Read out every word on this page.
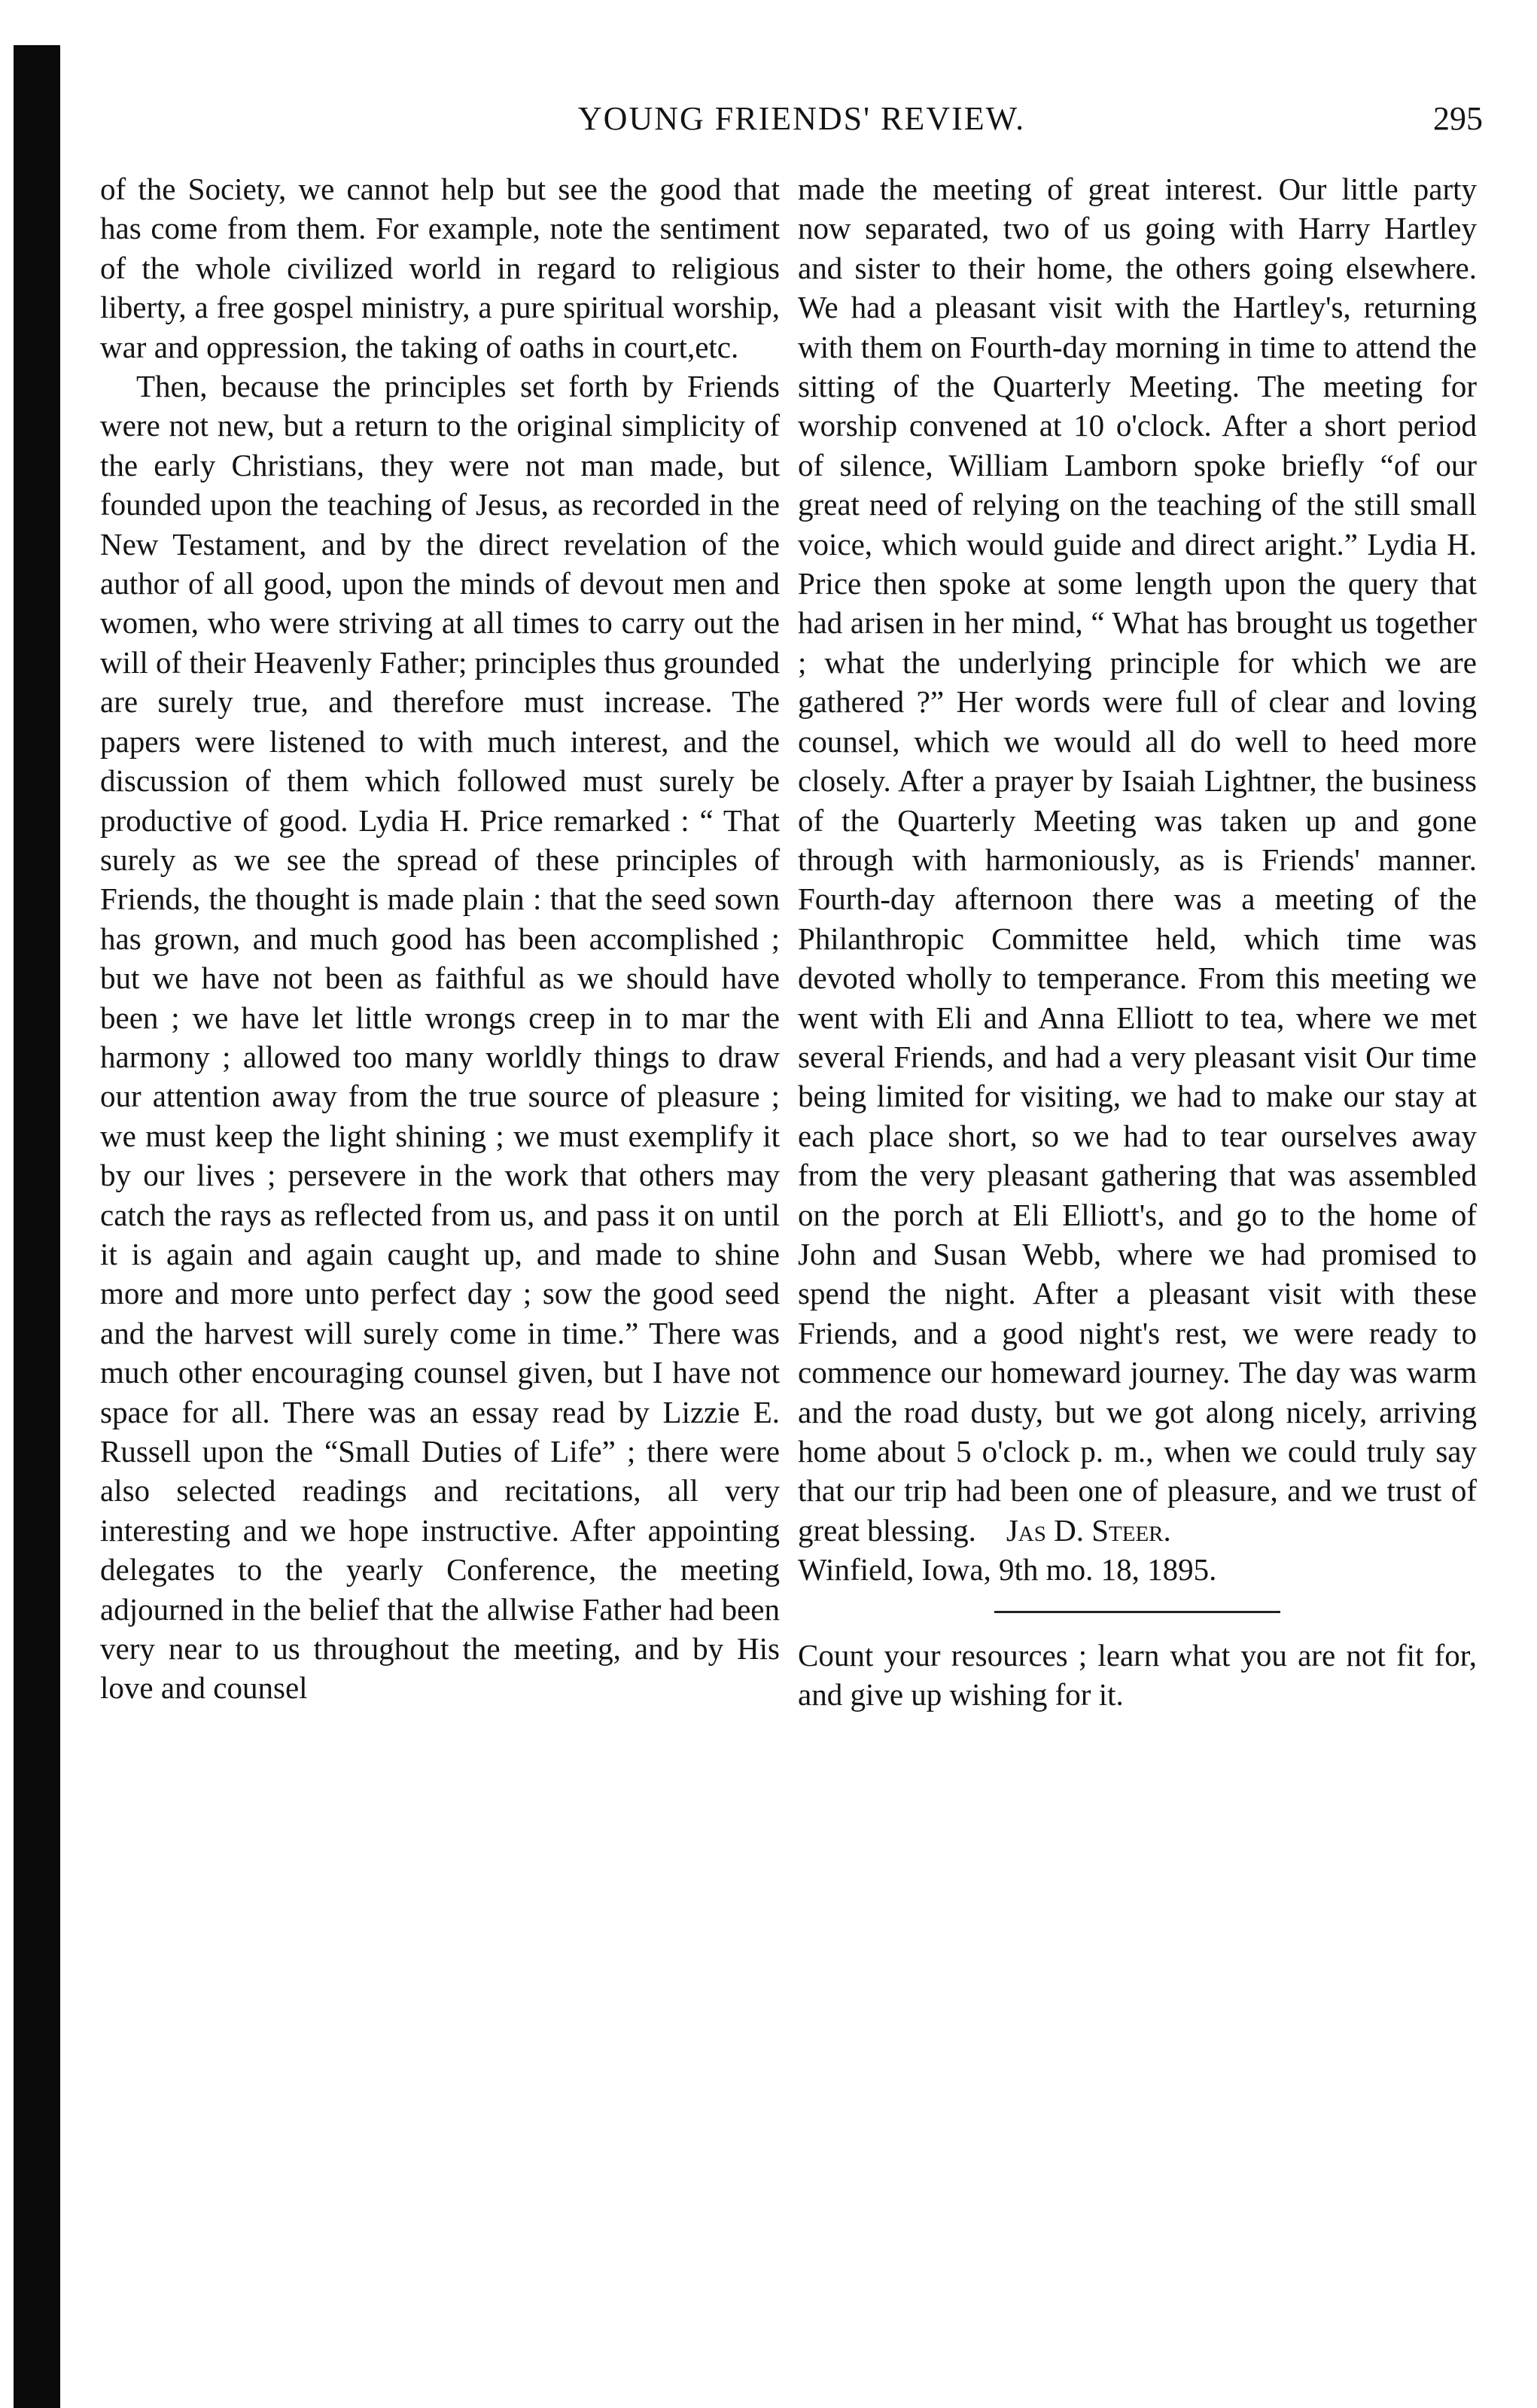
YOUNG FRIENDS' REVIEW.	295

of the Society, we cannot help but see the good that has come from them. For example, note the sentiment of the whole civilized world in regard to religious liberty, a free gospel ministry, a pure spiritual worship, war and oppression, the taking of oaths in court,etc.

Then, because the principles set forth by Friends were not new, but a return to the original simplicity of the early Christians, they were not man made, but founded upon the teaching of Jesus, as recorded in the New Testament, and by the direct revelation of the author of all good, upon the minds of devout men and women, who were striving at all times to carry out the will of their Heavenly Father; principles thus grounded are surely true, and therefore must increase. The papers were listened to with much interest, and the discussion of them which followed must surely be productive of good. Lydia H. Price remarked : “ That surely as we see the spread of these principles of Friends, the thought is made plain : that the seed sown has grown, and much good has been accomplished ; but we have not been as faithful as we should have been ; we have let little wrongs creep in to mar the harmony ; allowed too many worldly things to draw our attention away from the true source of pleasure ; we must keep the light shining ; we must exemplify it by our lives ; persevere in the work that others may catch the rays as reflected from us, and pass it on until it is again and again caught up, and made to shine more and more unto perfect day ; sow the good seed and the harvest will surely come in time.” There was much other encouraging counsel given, but I have not space for all. There was an essay read by Lizzie E. Russell upon the “Small Duties of Life” ; there were also selected readings and recitations, all very interesting and we hope instructive. After appointing delegates to the yearly Conference, the meeting adjourned in the belief that the allwise Father had been very near to us throughout the meeting, and by His love and counsel

made the meeting of great interest. Our little party now separated, two of us going with Harry Hartley and sister to their home, the others going elsewhere. We had a pleasant visit with the Hartley's, returning with them on Fourth-day morning in time to attend the sitting of the Quarterly Meeting. The meeting for worship convened at 10 o'clock. After a short period of silence, William Lamborn spoke briefly “of our great need of relying on the teaching of the still small voice, which would guide and direct aright.” Lydia H. Price then spoke at some length upon the query that had arisen in her mind, “ What has brought us together ; what the underlying principle for which we are gathered ?” Her words were full of clear and loving counsel, which we would all do well to heed more closely. After a prayer by Isaiah Lightner, the business of the Quarterly Meeting was taken up and gone through with harmoniously, as is Friends' manner. Fourth-day afternoon there was a meeting of the Philanthropic Committee held, which time was devoted wholly to temperance. From this meeting we went with Eli and Anna Elliott to tea, where we met several Friends, and had a very pleasant visit Our time being limited for visiting, we had to make our stay at each place short, so we had to tear ourselves away from the very pleasant gathering that was assembled on the porch at Eli Elliott's, and go to the home of John and Susan Webb, where we had promised to spend the night. After a pleasant visit with these Friends, and a good night's rest, we were ready to commence our homeward journey. The day was warm and the road dusty, but we got along nicely, arriving home about 5 o'clock p. m., when we could truly say that our trip had been one of pleasure, and we trust of great blessing. Jas D. Steer.

Winfield, Iowa, 9th mo. 18, 1895.

Count your resources ; learn what you are not fit for, and give up wishing for it.
